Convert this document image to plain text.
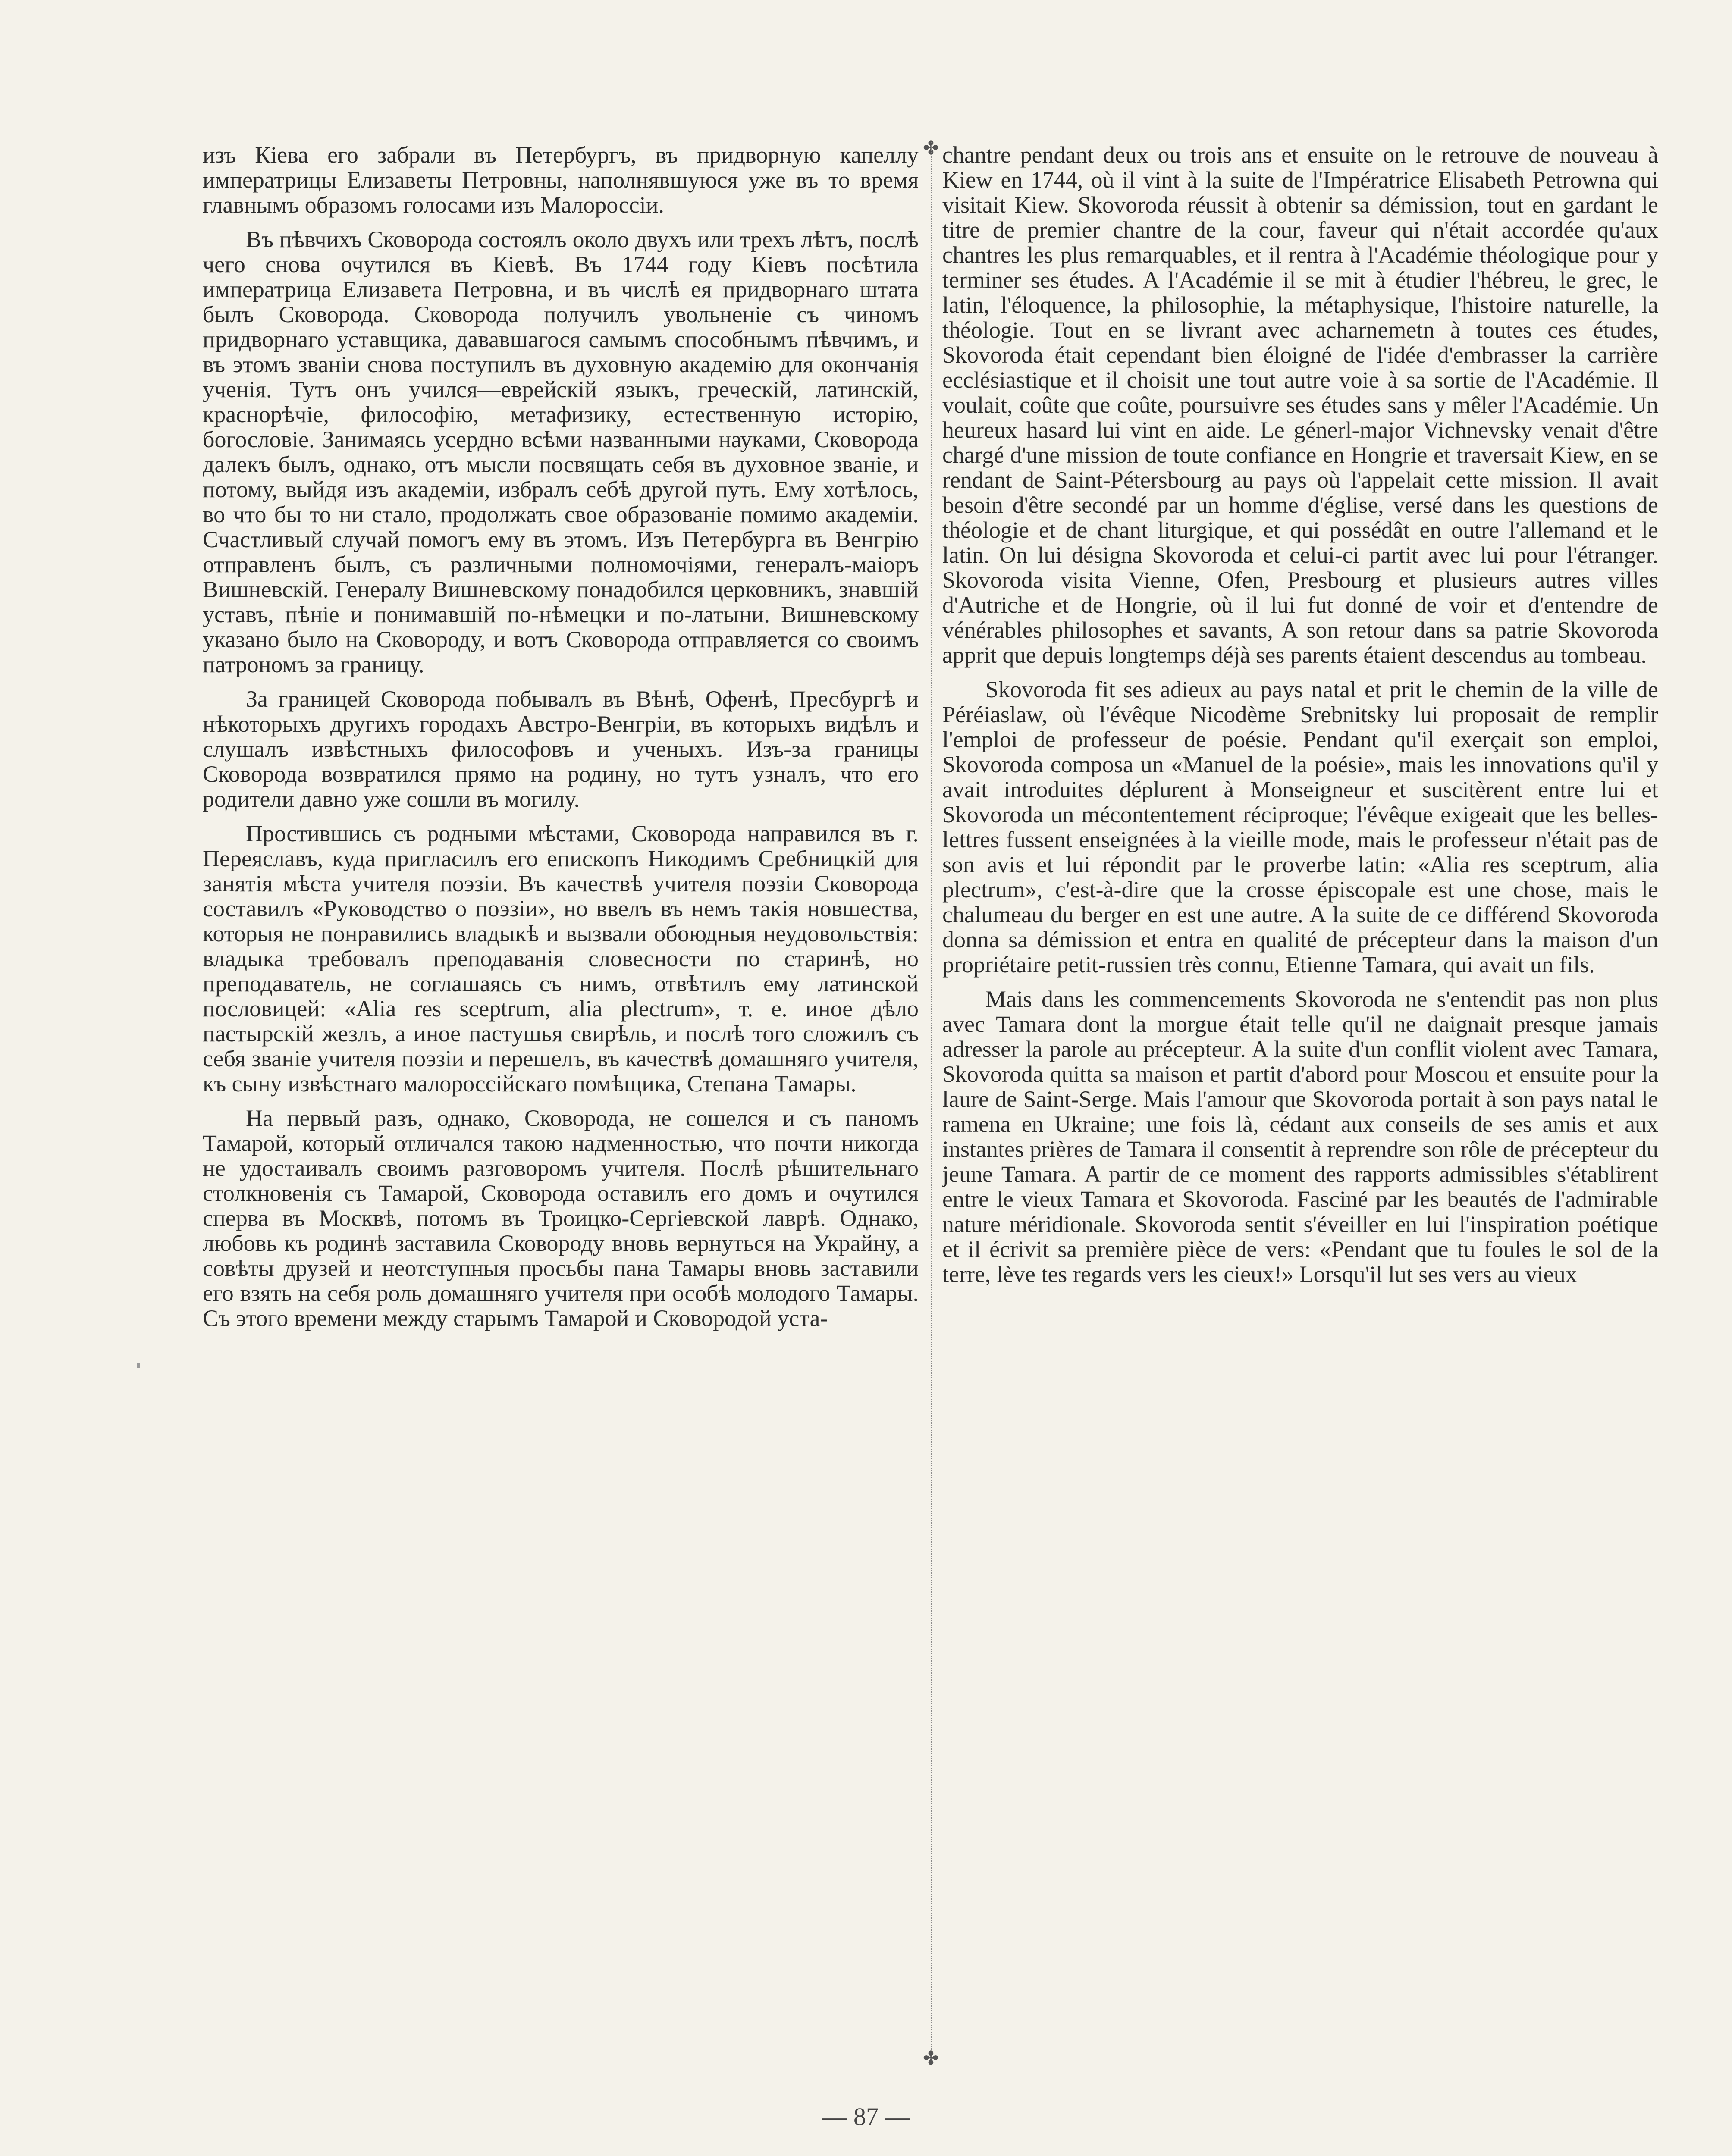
✤
✤

изъ Кіева его забрали въ Петербургъ, въ придворную капеллу императрицы Елизаветы Петровны, наполнявшуюся уже въ то время главнымъ образомъ голосами изъ Малороссіи.

Въ пѣвчихъ Сковорода состоялъ около двухъ или трехъ лѣтъ, послѣ чего снова очутился въ Кіевѣ. Въ 1744 году Кіевъ посѣтила императрица Елизавета Петровна, и въ числѣ ея придворнаго штата былъ Сковорода. Сковорода получилъ увольненіе съ чиномъ придворнаго уставщика, дававшагося самымъ способнымъ пѣвчимъ, и въ этомъ званіи снова поступилъ въ духовную академію для окончанія ученія. Тутъ онъ учился—еврейскій языкъ, греческій, латинскій, краснорѣчіе, философію, метафизику, естественную исторію, богословіе. Занимаясь усердно всѣми названными науками, Сковорода далекъ былъ, однако, отъ мысли посвящать себя въ духовное званіе, и потому, выйдя изъ академіи, избралъ себѣ другой путь. Ему хотѣлось, во что бы то ни стало, продолжать свое образованіе помимо академіи. Счастливый случай помогъ ему въ этомъ. Изъ Петербурга въ Венгрію отправленъ былъ, съ различными полномочіями, генералъ-маіоръ Вишневскій. Генералу Вишневскому понадобился церковникъ, знавшій уставъ, пѣніе и понимавшій по-нѣмецки и по-латыни. Вишневскому указано было на Сковороду, и вотъ Сковорода отправляется со своимъ патрономъ за границу.

За границей Сковорода побывалъ въ Вѣнѣ, Офенѣ, Пресбургѣ и нѣкоторыхъ другихъ городахъ Австро-Венгріи, въ которыхъ видѣлъ и слушалъ извѣстныхъ философовъ и ученыхъ. Изъ-за границы Сковорода возвратился прямо на родину, но тутъ узналъ, что его родители давно уже сошли въ могилу.

Простившись съ родными мѣстами, Сковорода направился въ г. Переяславъ, куда пригласилъ его епископъ Никодимъ Сребницкій для занятія мѣста учителя поэзіи. Въ качествѣ учителя поэзіи Сковорода составилъ «Руководство о поэзіи», но ввелъ въ немъ такія новшества, которыя не понравились владыкѣ и вызвали обоюдныя неудовольствія: владыка требовалъ преподаванія словесности по старинѣ, но преподаватель, не соглашаясь съ нимъ, отвѣтилъ ему латинской пословицей: «Alia res sceptrum, alia plectrum», т. е. иное дѣло пастырскій жезлъ, а иное пастушья свирѣль, и послѣ того сложилъ съ себя званіе учителя поэзіи и перешелъ, въ качествѣ домашняго учителя, къ сыну извѣстнаго малороссійскаго помѣщика, Степана Тамары.

На первый разъ, однако, Сковорода, не сошелся и съ паномъ Тамарой, который отличался такою надменностью, что почти никогда не удостаивалъ своимъ разговоромъ учителя. Послѣ рѣшительнаго столкновенія съ Тамарой, Сковорода оставилъ его домъ и очутился сперва въ Москвѣ, потомъ въ Троицко-Сергіевской лаврѣ. Однако, любовь къ родинѣ заставила Сковороду вновь вернуться на Украйну, а совѣты друзей и неотступныя просьбы пана Тамары вновь заставили его взять на себя роль домашняго учителя при особѣ молодого Тамары. Съ этого времени между старымъ Тамарой и Сковородой уста-

chantre pendant deux ou trois ans et ensuite on le retrouve de nouveau à Kiew en 1744, où il vint à la suite de l'Impératrice Elisabeth Petrowna qui visitait Kiew. Skovoroda réussit à obtenir sa démission, tout en gardant le titre de premier chantre de la cour, faveur qui n'était accordée qu'aux chantres les plus remarquables, et il rentra à l'Académie théologique pour y terminer ses études. A l'Académie il se mit à étudier l'hébreu, le grec, le latin, l'éloquence, la philosophie, la métaphysique, l'histoire naturelle, la théologie. Tout en se livrant avec acharnemetn à toutes ces études, Skovoroda était cependant bien éloigné de l'idée d'embrasser la carrière ecclésiastique et il choisit une tout autre voie à sa sortie de l'Académie. Il voulait, coûte que coûte, poursuivre ses études sans y mêler l'Académie. Un heureux hasard lui vint en aide. Le génerl-major Vichnevsky venait d'être chargé d'une mission de toute confiance en Hongrie et traversait Kiew, en se rendant de Saint-Pétersbourg au pays où l'appelait cette mission. Il avait besoin d'être secondé par un homme d'église, versé dans les questions de théologie et de chant liturgique, et qui possédât en outre l'allemand et le latin. On lui désigna Skovoroda et celui-ci partit avec lui pour l'étranger. Skovoroda visita Vienne, Ofen, Presbourg et plusieurs autres villes d'Autriche et de Hongrie, où il lui fut donné de voir et d'entendre de vénérables philosophes et savants, A son retour dans sa patrie Skovoroda apprit que depuis longtemps déjà ses parents étaient descendus au tombeau.

Skovoroda fit ses adieux au pays natal et prit le chemin de la ville de Péréiaslaw, où l'évêque Nicodème Srebnitsky lui proposait de remplir l'emploi de professeur de poésie. Pendant qu'il exerçait son emploi, Skovoroda composa un «Manuel de la poésie», mais les innovations qu'il y avait introduites déplurent à Monseigneur et suscitèrent entre lui et Skovoroda un mécontentement réciproque; l'évêque exigeait que les belles-lettres fussent enseignées à la vieille mode, mais le professeur n'était pas de son avis et lui répondit par le proverbe latin: «Alia res sceptrum, alia plectrum», c'est-à-dire que la crosse épiscopale est une chose, mais le chalumeau du berger en est une autre. A la suite de ce différend Skovoroda donna sa démission et entra en qualité de précepteur dans la maison d'un propriétaire petit-russien très connu, Etienne Tamara, qui avait un fils.

Mais dans les commencements Skovoroda ne s'entendit pas non plus avec Tamara dont la morgue était telle qu'il ne daignait presque jamais adresser la parole au précepteur. A la suite d'un conflit violent avec Tamara, Skovoroda quitta sa maison et partit d'abord pour Moscou et ensuite pour la laure de Saint-Serge. Mais l'amour que Skovoroda portait à son pays natal le ramena en Ukraine; une fois là, cédant aux conseils de ses amis et aux instantes prières de Tamara il consentit à reprendre son rôle de précepteur du jeune Tamara. A partir de ce moment des rapports admissibles s'établirent entre le vieux Tamara et Skovoroda. Fasciné par les beautés de l'admirable nature méridionale. Skovoroda sentit s'éveiller en lui l'inspiration poétique et il écrivit sa première pièce de vers: «Pendant que tu foules le sol de la terre, lève tes regards vers les cieux!» Lorsqu'il lut ses vers au vieux

— 87 —
